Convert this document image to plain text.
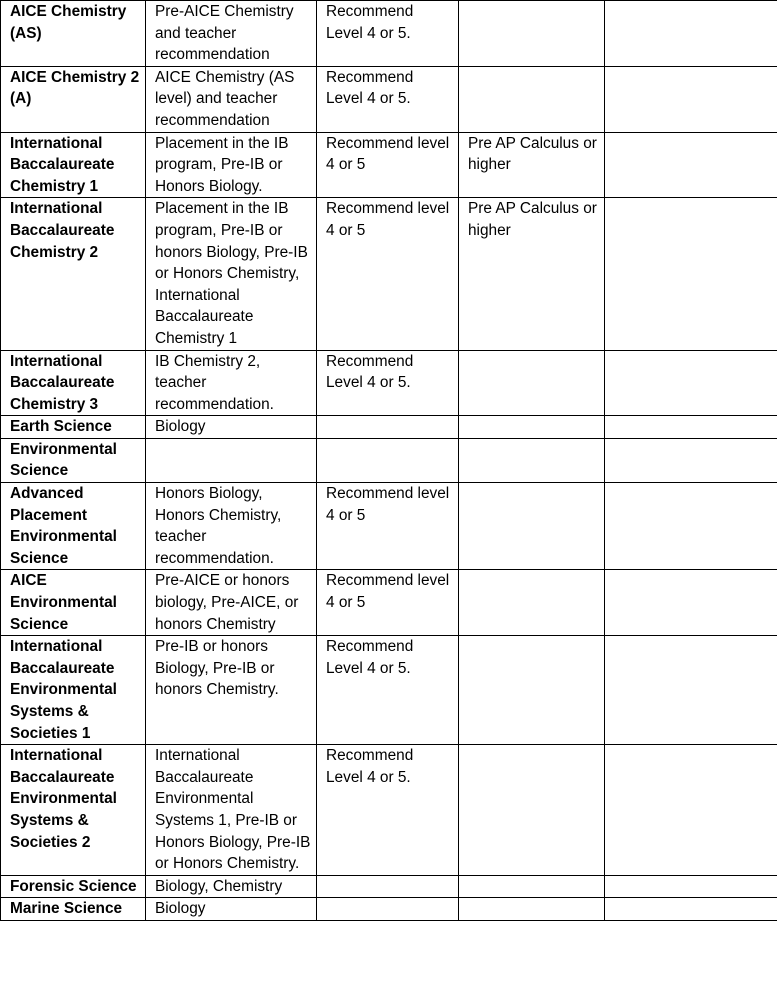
AICE Chemistry (AS)	Pre-AICE Chemistry and teacher recommendation	Recommend Level 4 or 5.		
AICE Chemistry 2 (A)	AICE Chemistry (AS level) and teacher recommendation	Recommend Level 4 or 5.		
International Baccalaureate Chemistry 1	Placement in the IB program, Pre-IB or Honors Biology.	Recommend level 4 or 5	Pre AP Calculus or higher	
International Baccalaureate Chemistry 2	Placement in the IB program, Pre-IB or honors Biology, Pre-IB or Honors Chemistry, International Baccalaureate Chemistry 1	Recommend level 4 or 5	Pre AP Calculus or higher	
International Baccalaureate Chemistry 3	IB Chemistry 2, teacher recommendation.	Recommend Level 4 or 5.		
Earth Science	Biology			
Environmental Science				
Advanced Placement Environmental Science	Honors Biology, Honors Chemistry, teacher recommendation.	Recommend level 4 or 5		
AICE Environmental Science	Pre-AICE or honors biology, Pre-AICE, or honors Chemistry	Recommend level 4 or 5		
International Baccalaureate Environmental Systems & Societies 1	Pre-IB or honors Biology, Pre-IB or honors Chemistry.	Recommend Level 4 or 5.		
International Baccalaureate Environmental Systems & Societies 2	International Baccalaureate Environmental Systems 1, Pre-IB or Honors Biology, Pre-IB or Honors Chemistry.	Recommend Level 4 or 5.		
Forensic Science	Biology, Chemistry			
Marine Science	Biology			
